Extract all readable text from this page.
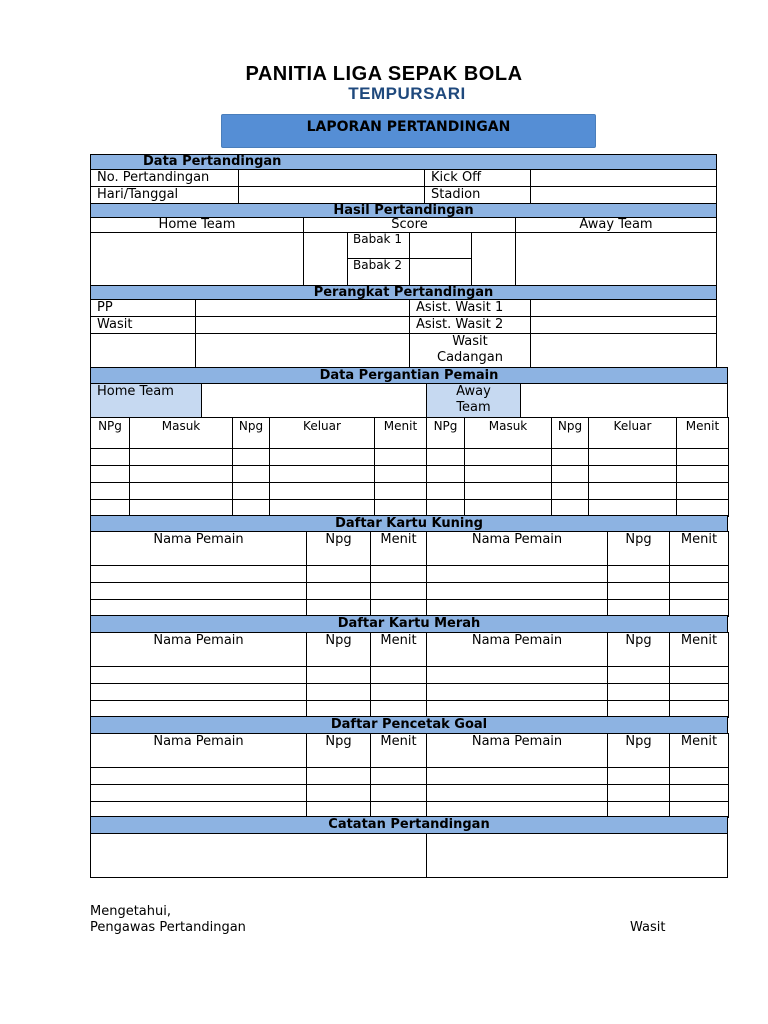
PANITIA LIGA SEPAK BOLA
TEMPURSARI
LAPORAN PERTANDINGAN
Data Pertandingan
No. Pertandingan	Kick Off
Hari/Tanggal	Stadion
Hasil Pertandingan
Home Team	Score	Away Team
Babak 1
Babak 2
Perangkat Pertandingan
PP	Asist. Wasit 1
Wasit	Asist. Wasit 2
Wasit Cadangan
Data Pergantian Pemain
Home Team	Away Team
NPg	Masuk	Npg	Keluar	Menit	NPg	Masuk	Npg	Keluar	Menit
Daftar Kartu Kuning
Nama Pemain	Npg	Menit	Nama Pemain	Npg	Menit
Daftar Kartu Merah
Nama Pemain	Npg	Menit	Nama Pemain	Npg	Menit
Daftar Pencetak Goal
Nama Pemain	Npg	Menit	Nama Pemain	Npg	Menit
Catatan Pertandingan
Mengetahui,
Pengawas Pertandingan	Wasit
